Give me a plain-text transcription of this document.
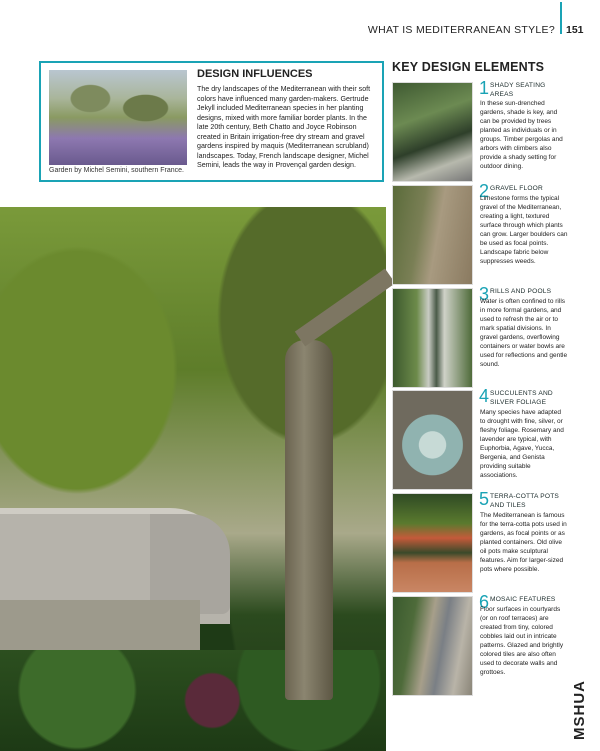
WHAT IS MEDITERRANEAN STYLE? 151
Garden by Michel Semini, southern France.
DESIGN INFLUENCES

The dry landscapes of the Mediterranean with their soft colors have influenced many garden-makers. Gertrude Jekyll included Mediterranean species in her planting designs, mixed with more familiar border plants. In the late 20th century, Beth Chatto and Joyce Robinson created in Britain irrigation-free dry stream and gravel gardens inspired by maquis (Mediterranean scrubland) landscapes. Today, French landscape designer, Michel Semini, leads the way in Provençal garden design.

KEY DESIGN ELEMENTS
1 SHADY SEATING AREAS

In these sun-drenched gardens, shade is key, and can be provided by trees planted as individuals or in groups. Timber pergolas and arbors with climbers also provide a shady setting for outdoor dining.

2 GRAVEL FLOOR

Limestone forms the typical gravel of the Mediterranean, creating a light, textured surface through which plants can grow. Larger boulders can be used as focal points. Landscape fabric below suppresses weeds.

3 RILLS AND POOLS

Water is often confined to rills in more formal gardens, and used to refresh the air or to mark spatial divisions. In gravel gardens, overflowing containers or water bowls are used for reflections and gentle sound.

4 SUCCULENTS AND SILVER FOLIAGE

Many species have adapted to drought with fine, silver, or fleshy foliage. Rosemary and lavender are typical, with Euphorbia, Agave, Yucca, Bergenia, and Genista providing suitable associations.

5 TERRA-COTTA POTS AND TILES

The Mediterranean is famous for the terra-cotta pots used in gardens, as focal points or as planted containers. Old olive oil pots make sculptural features. Aim for larger-sized pots where possible.

6 MOSAIC FEATURES

Floor surfaces in courtyards (or on roof terraces) are created from tiny, colored cobbles laid out in intricate patterns. Glazed and brightly colored tiles are also often used to decorate walls and grottoes.

MSHUA
